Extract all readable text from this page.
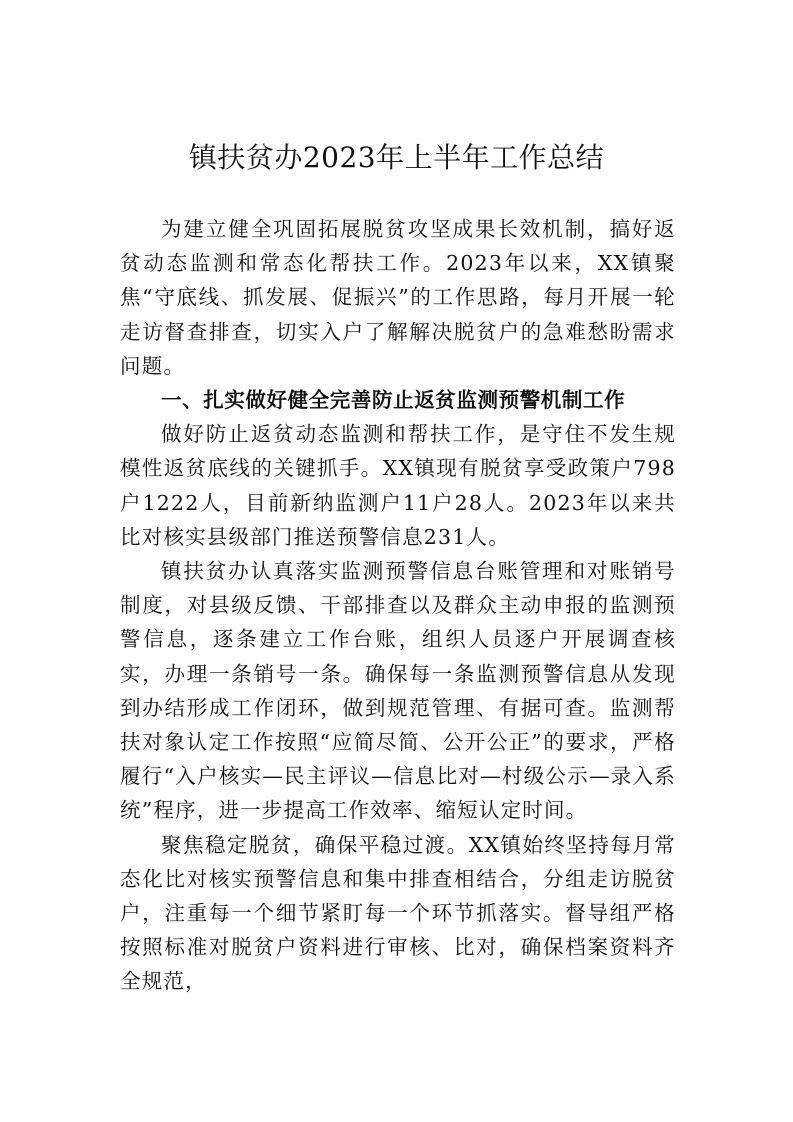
镇扶贫办2023年上半年工作总结

为建立健全巩固拓展脱贫攻坚成果长效机制，搞好返贫动态监测和常态化帮扶工作。2023年以来，XX镇聚焦“守底线、抓发展、促振兴”的工作思路，每月开展一轮走访督查排查，切实入户了解解决脱贫户的急难愁盼需求问题。

一、扎实做好健全完善防止返贫监测预警机制工作

做好防止返贫动态监测和帮扶工作，是守住不发生规模性返贫底线的关键抓手。XX镇现有脱贫享受政策户798户1222人，目前新纳监测户11户28人。2023年以来共比对核实县级部门推送预警信息231人。

镇扶贫办认真落实监测预警信息台账管理和对账销号制度，对县级反馈、干部排查以及群众主动申报的监测预警信息，逐条建立工作台账，组织人员逐户开展调查核实，办理一条销号一条。确保每一条监测预警信息从发现到办结形成工作闭环，做到规范管理、有据可查。监测帮扶对象认定工作按照“应简尽简、公开公正”的要求，严格履行“入户核实—民主评议—信息比对—村级公示—录入系统”程序，进一步提高工作效率、缩短认定时间。

聚焦稳定脱贫，确保平稳过渡。XX镇始终坚持每月常态化比对核实预警信息和集中排查相结合，分组走访脱贫户，注重每一个细节紧盯每一个环节抓落实。督导组严格按照标准对脱贫户资料进行审核、比对，确保档案资料齐全规范，
